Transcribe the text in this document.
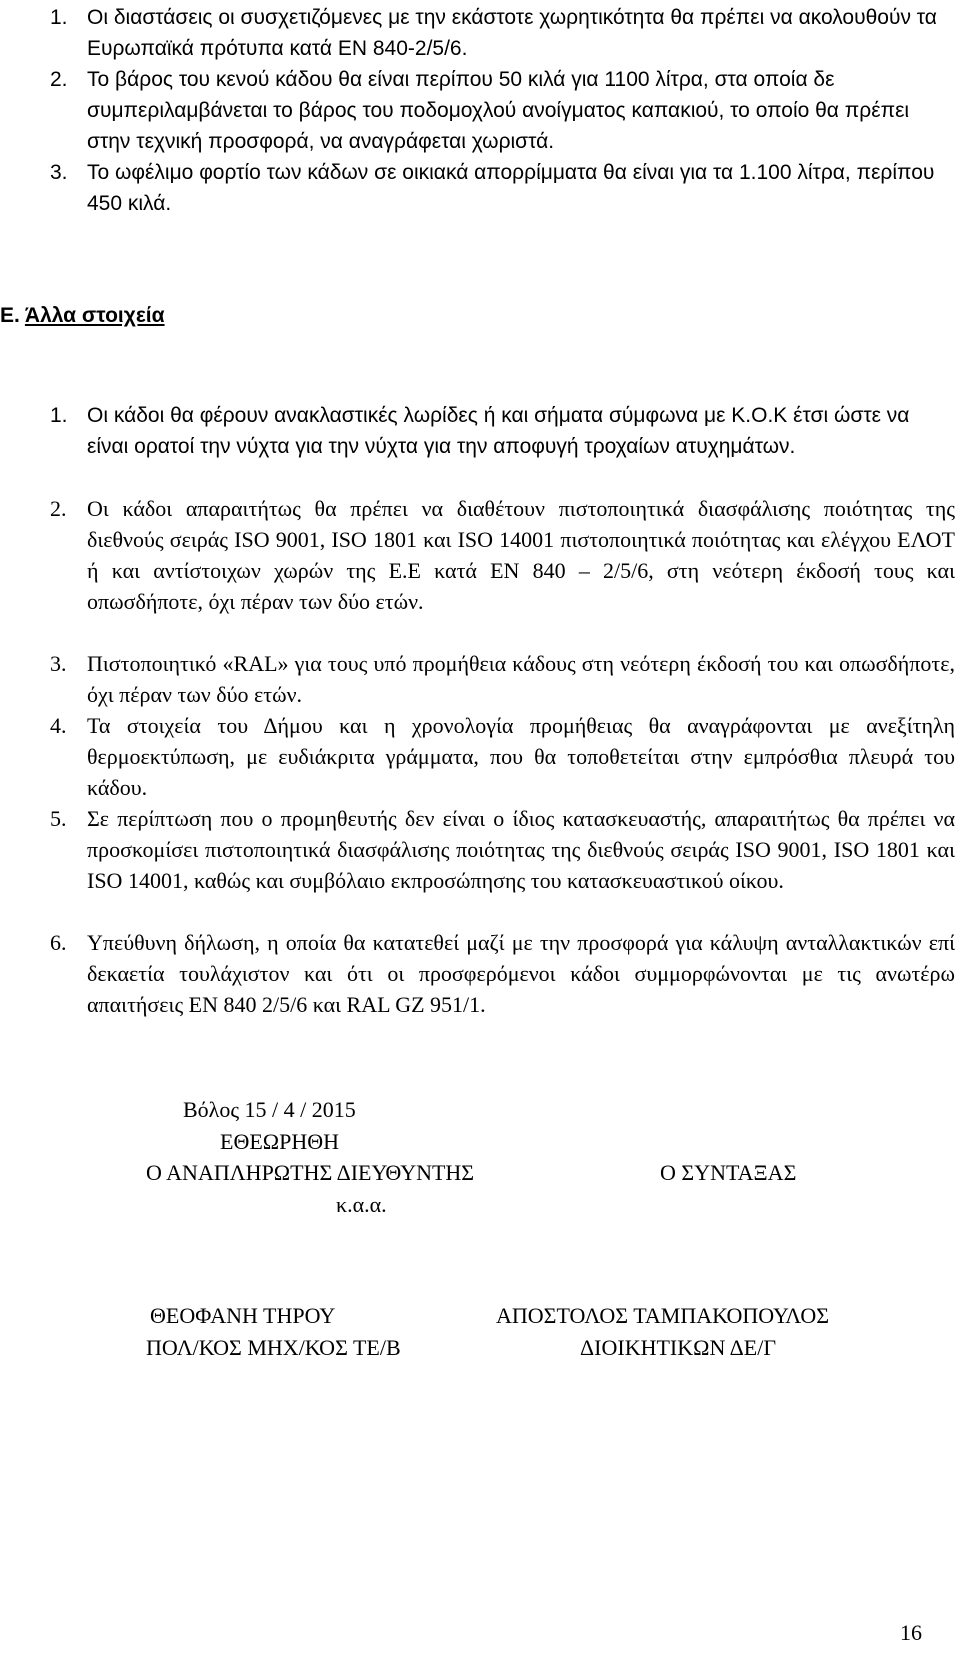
1. Οι διαστάσεις οι συσχετιζόμενες με την εκάστοτε χωρητικότητα θα πρέπει να ακολουθούν τα Ευρωπαϊκά πρότυπα κατά EN 840-2/5/6.
2. Το βάρος του κενού κάδου θα είναι περίπου 50 κιλά για 1100 λίτρα, στα οποία δε συμπεριλαμβάνεται το βάρος του ποδομοχλού ανοίγματος καπακιού, το οποίο θα πρέπει στην τεχνική προσφορά, να αναγράφεται χωριστά.
3. Το ωφέλιμο φορτίο των κάδων σε οικιακά απορρίμματα θα είναι για τα 1.100 λίτρα, περίπου 450 κιλά.
Ε. Άλλα στοιχεία
1. Οι κάδοι θα φέρουν ανακλαστικές λωρίδες ή και σήματα σύμφωνα με Κ.Ο.Κ έτσι ώστε να είναι ορατοί την νύχτα για την νύχτα για την αποφυγή τροχαίων ατυχημάτων.
2. Οι κάδοι απαραιτήτως θα πρέπει να διαθέτουν πιστοποιητικά διασφάλισης ποιότητας της διεθνούς σειράς ISO 9001, ISO 1801 και ISO 14001 πιστοποιητικά ποιότητας και ελέγχου ΕΛΟΤ ή και αντίστοιχων χωρών της Ε.Ε κατά ΕΝ 840 – 2/5/6, στη νεότερη έκδοσή τους και οπωσδήποτε, όχι πέραν των δύο ετών.
3. Πιστοποιητικό «RAL» για τους υπό προμήθεια κάδους στη νεότερη έκδοσή του και οπωσδήποτε, όχι πέραν των δύο ετών.
4. Τα στοιχεία του Δήμου και η χρονολογία προμήθειας θα αναγράφονται με ανεξίτηλη θερμοεκτύπωση, με ευδιάκριτα γράμματα, που θα τοποθετείται στην εμπρόσθια πλευρά του κάδου.
5. Σε περίπτωση που ο προμηθευτής δεν είναι ο ίδιος κατασκευαστής, απαραιτήτως θα πρέπει να προσκομίσει πιστοποιητικά διασφάλισης ποιότητας της διεθνούς σειράς ISO 9001, ISO 1801 και ISO 14001, καθώς και συμβόλαιο εκπροσώπησης του κατασκευαστικού οίκου.
6. Υπεύθυνη δήλωση, η οποία θα κατατεθεί μαζί με την προσφορά για κάλυψη ανταλλακτικών επί δεκαετία τουλάχιστον και ότι οι προσφερόμενοι κάδοι συμμορφώνονται με τις ανωτέρω απαιτήσεις ΕΝ 840 2/5/6 και RAL GZ 951/1.
Βόλος 15 / 4 / 2015
ΕΘΕΩΡΗΘΗ
Ο ΑΝΑΠΛΗΡΩΤΗΣ ΔΙΕΥΘΥΝΤΗΣ	Ο ΣΥΝΤΑΞΑΣ
κ.α.α.
ΘΕΟΦΑΝΗ ΤΗΡΟΥ
ΠΟΛ/ΚΟΣ ΜΗΧ/ΚΟΣ ΤΕ/Β
ΑΠΟΣΤΟΛΟΣ ΤΑΜΠΑΚΟΠΟΥΛΟΣ
ΔΙΟΙΚΗΤΙΚΩΝ ΔΕ/Γ
16
